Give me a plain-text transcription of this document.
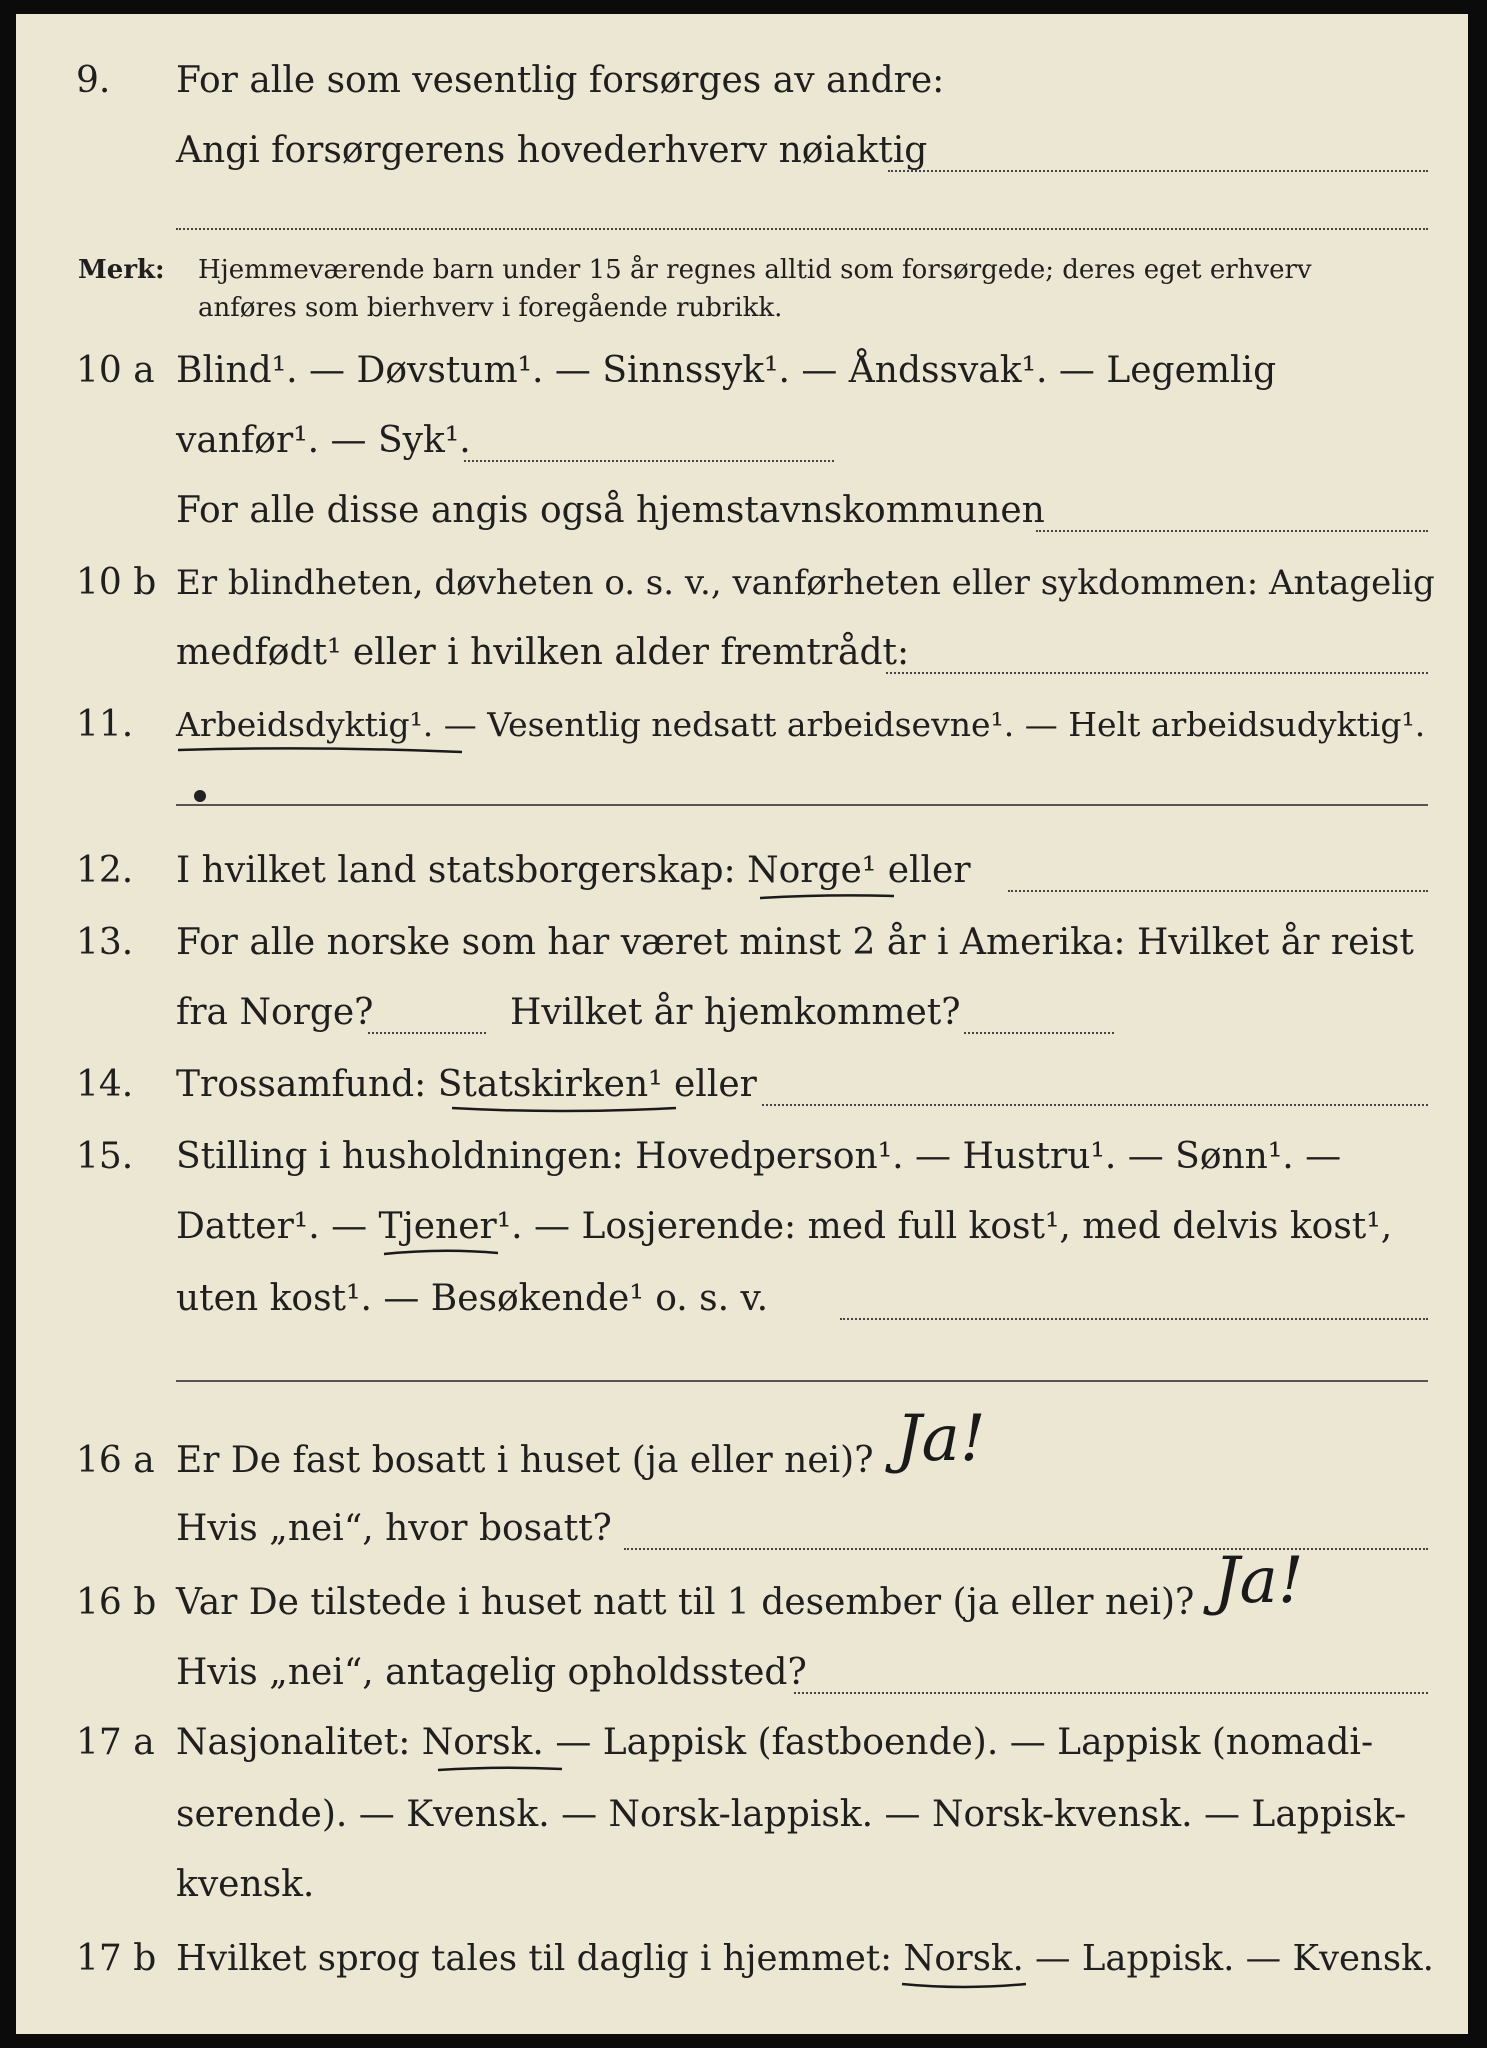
9. For alle som vesentlig forsørges av andre:
Angi forsørgerens hovederhverv nøiaktig
Merk: Hjemmeværende barn under 15 år regnes alltid som forsørgede; deres eget erhverv
anføres som bierhverv i foregående rubrikk.
10 a Blind¹. — Døvstum¹. — Sinnssyk¹. — Åndssvak¹. — Legemlig
vanfør¹. — Syk¹.
For alle disse angis også hjemstavnskommunen
10 b Er blindheten, døvheten o. s. v., vanførheten eller sykdommen: Antagelig
medfødt¹ eller i hvilken alder fremtrådt:
11. Arbeidsdyktig¹. — Vesentlig nedsatt arbeidsevne¹. — Helt arbeidsudyktig¹.
12. I hvilket land statsborgerskap: Norge¹ eller
13. For alle norske som har været minst 2 år i Amerika: Hvilket år reist
fra Norge?	Hvilket år hjemkommet?
14. Trossamfund: Statskirken¹ eller
15. Stilling i husholdningen: Hovedperson¹. — Hustru¹. — Sønn¹. —
Datter¹. — Tjener¹. — Losjerende: med full kost¹, med delvis kost¹,
uten kost¹. — Besøkende¹ o. s. v.
16 a Er De fast bosatt i huset (ja eller nei)? Ja!
Hvis „nei“, hvor bosatt?
16 b Var De tilstede i huset natt til 1 desember (ja eller nei)? Ja!
Hvis „nei“, antagelig opholdssted?
17 a Nasjonalitet: Norsk. — Lappisk (fastboende). — Lappisk (nomadi-
serende). — Kvensk. — Norsk-lappisk. — Norsk-kvensk. — Lappisk-
kvensk.
17 b Hvilket sprog tales til daglig i hjemmet: Norsk. — Lappisk. — Kvensk.
